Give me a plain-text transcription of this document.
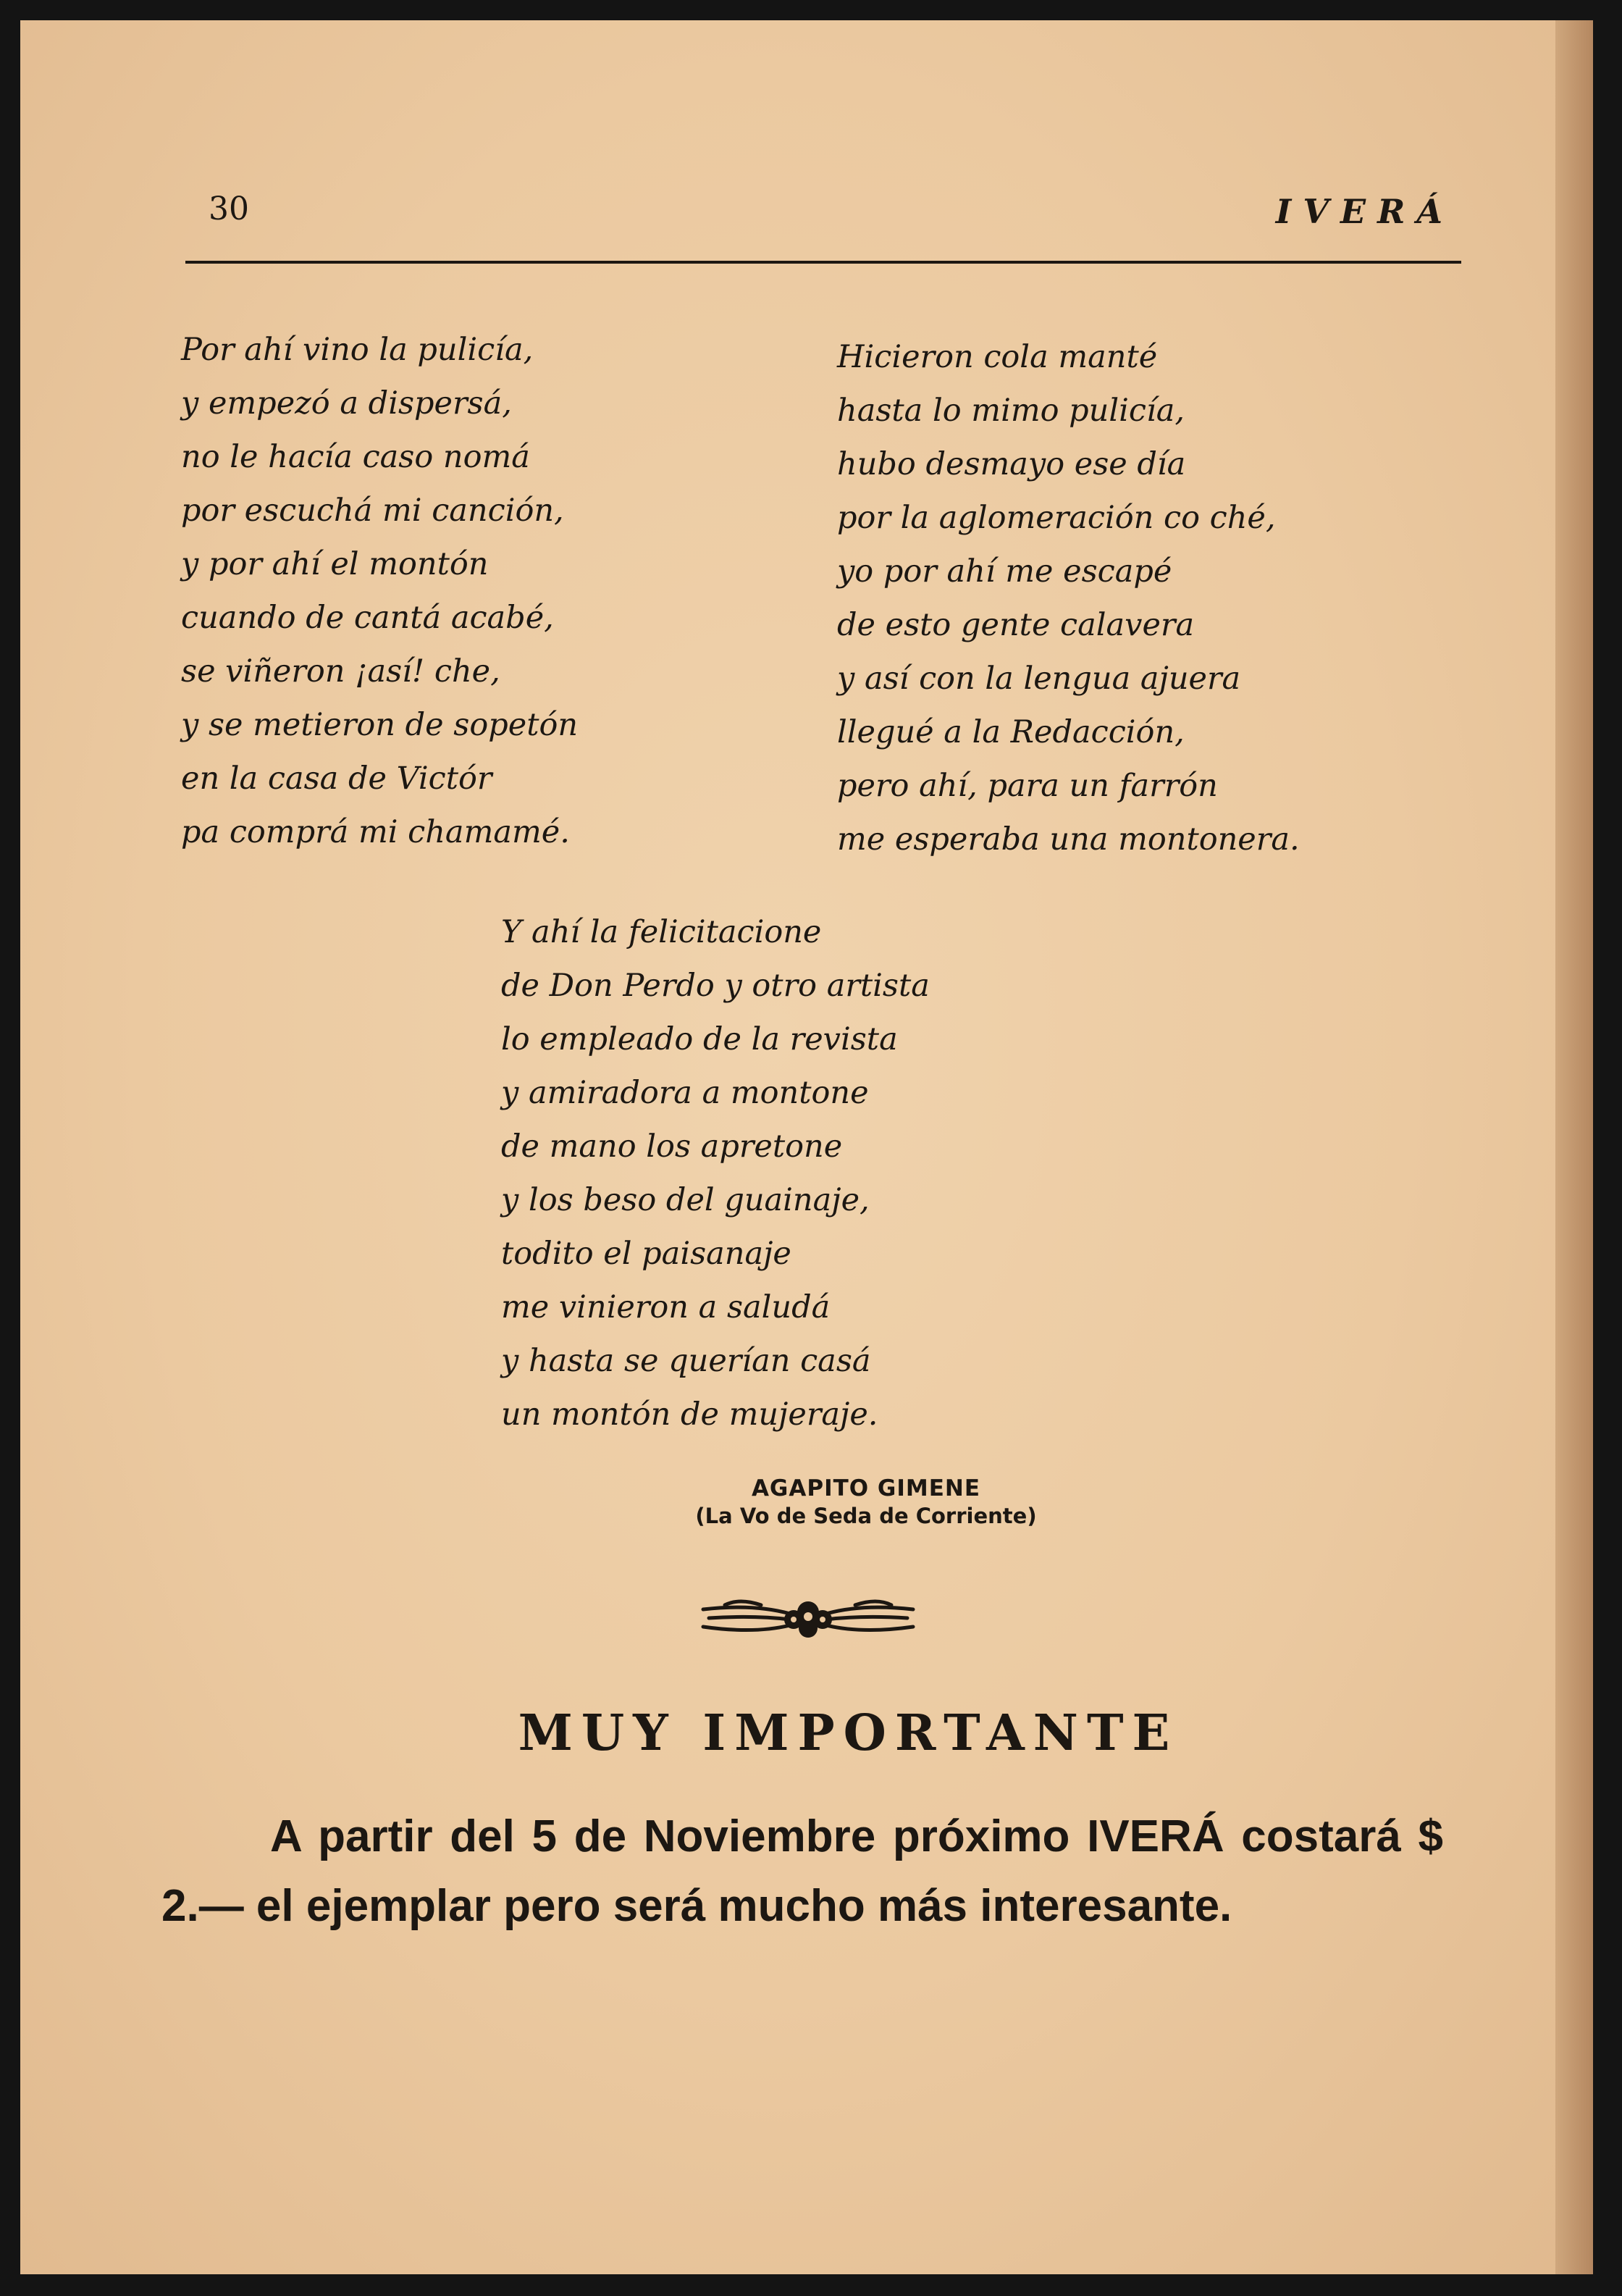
30	IVERÁ
Por ahí vino la pulicía,
y empezó a dispersá,
no le hacía caso nomá
por escuchá mi canción,
y por ahí el montón
cuando de cantá acabé,
se viñeron ¡así! che,
y se metieron de sopetón
en la casa de Victór
pa comprá mi chamamé.
Hicieron cola manté
hasta lo mimo pulicía,
hubo desmayo ese día
por la aglomeración co ché,
yo por ahí me escapé
de esto gente calavera
y así con la lengua ajuera
llegué a la Redacción,
pero ahí, para un farrón
me esperaba una montonera.
Y ahí la felicitacione
de Don Perdo y otro artista
lo empleado de la revista
y amiradora a montone
de mano los apretone
y los beso del guainaje,
todito el paisanaje
me vinieron a saludá
y hasta se querían casá
un montón de mujeraje.
AGAPITO GIMENE
(La Vo de Seda de Corriente)
MUY IMPORTANTE
A partir del 5 de Noviembre próximo IVERÁ costará $ 2.— el ejemplar pero será mucho más interesante.
